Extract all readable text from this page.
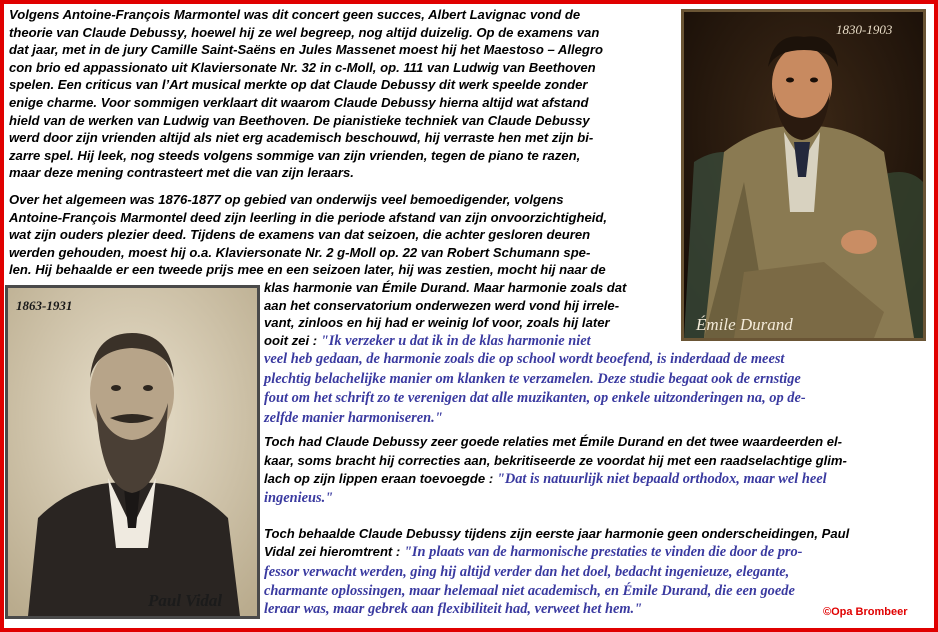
Volgens Antoine-François Marmontel was dit concert geen succes, Albert Lavignac vond de
theorie van Claude Debussy, hoewel hij ze wel begreep, nog altijd duizelig. Op de examens van
dat jaar, met in de jury Camille Saint-Saëns en Jules Massenet moest hij het Maestoso – Allegro
con brio ed appassionato uit Klaviersonate Nr. 32 in c-Moll, op. 111 van Ludwig van Beethoven
spelen. Een criticus van l’Art musical merkte op dat Claude Debussy dit werk speelde zonder
enige charme. Voor sommigen verklaart dit waarom Claude Debussy hierna altijd wat afstand
hield van de werken van Ludwig van Beethoven. De pianistieke techniek van Claude Debussy
werd door zijn vrienden altijd als niet erg academisch beschouwd, hij verraste hen met zijn bi-
zarre spel. Hij leek, nog steeds volgens sommige van zijn vrienden, tegen de piano te razen,
maar deze mening contrasteert met die van zijn leraars.
Over het algemeen was 1876-1877 op gebied van onderwijs veel bemoedigender, volgens
Antoine-François Marmontel deed zijn leerling in die periode afstand van zijn onvoorzichtigheid,
wat zijn ouders plezier deed. Tijdens de examens van dat seizoen, die achter gesloren deuren
werden gehouden, moest hij o.a. Klaviersonate Nr. 2 g-Moll op. 22 van Robert Schumann spe-
len. Hij behaalde er een tweede prijs mee en een seizoen later, hij was zestien, mocht hij naar de
klas harmonie van Émile Durand. Maar harmonie zoals dat
aan het conservatorium onderwezen werd vond hij irrele-
vant, zinloos en hij had er weinig lof voor, zoals hij later
ooit zei : "Ik verzeker u dat ik in de klas harmonie niet
veel heb gedaan, de harmonie zoals die op school wordt beoefend, is inderdaad de meest
plechtig belachelijke manier om klanken te verzamelen. Deze studie begaat ook de ernstige
fout om het schrift zo te verenigen dat alle muzikanten, op enkele uitzonderingen na, op de-
zelfde manier harmoniseren."
Toch had Claude Debussy zeer goede relaties met Émile Durand en det twee waardeerden el-
kaar, soms bracht hij correcties aan, bekritiseerde ze voordat hij met een raadselachtige glim-
lach op zijn lippen eraan toevoegde : "Dat is natuurlijk niet bepaald orthodox, maar wel heel
ingenieus."
Toch behaalde Claude Debussy tijdens zijn eerste jaar harmonie geen onderscheidingen, Paul
Vidal zei hieromtrent : "In plaats van de harmonische prestaties te vinden die door de pro-
fessor verwacht werden, ging hij altijd verder dan het doel, bedacht ingenieuze, elegante,
charmante oplossingen, maar helemaal niet academisch, en Émile Durand, die een goede
leraar was, maar gebrek aan flexibiliteit had, verweet het hem."
1830-1903
Émile Durand
1863-1931
Paul Vidal
©Opa Brombeer
